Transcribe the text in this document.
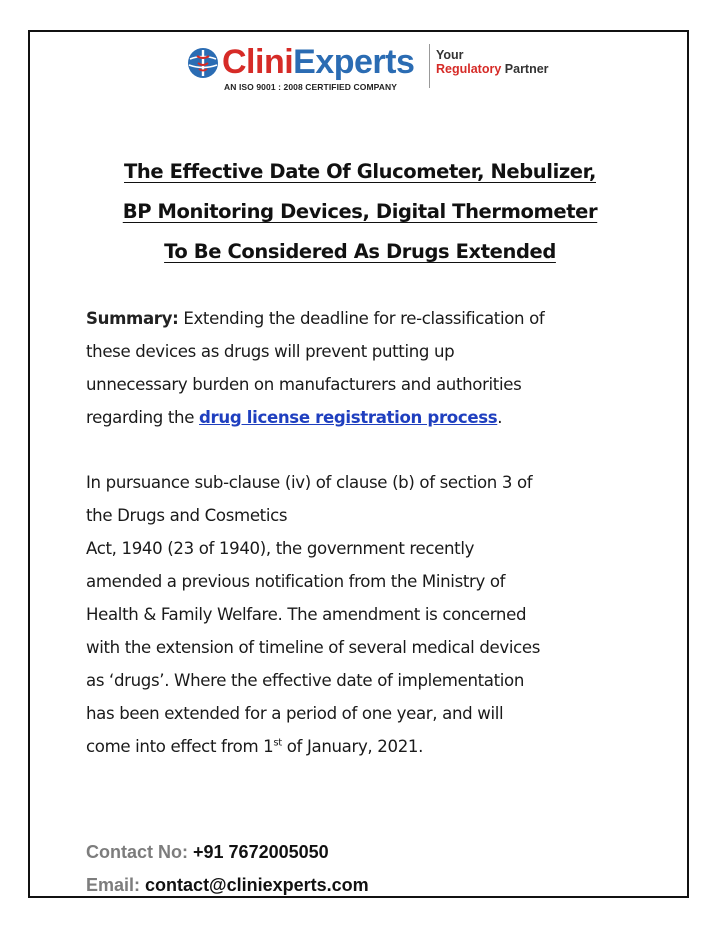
CliniExperts
AN ISO 9001 : 2008 CERTIFIED COMPANY
Your
Regulatory Partner
The Effective Date Of Glucometer, Nebulizer,
BP Monitoring Devices, Digital Thermometer
To Be Considered As Drugs Extended
Summary: Extending the deadline for re-classification of
these devices as drugs will prevent putting up
unnecessary burden on manufacturers and authorities
regarding the drug license registration process.
In pursuance sub-clause (iv) of clause (b) of section 3 of
the Drugs and Cosmetics
Act, 1940 (23 of 1940), the government recently
amended a previous notification from the Ministry of
Health & Family Welfare. The amendment is concerned
with the extension of timeline of several medical devices
as ‘drugs’. Where the effective date of implementation
has been extended for a period of one year, and will
come into effect from 1st of January, 2021.
Contact No: +91 7672005050
Email: contact@cliniexperts.com
